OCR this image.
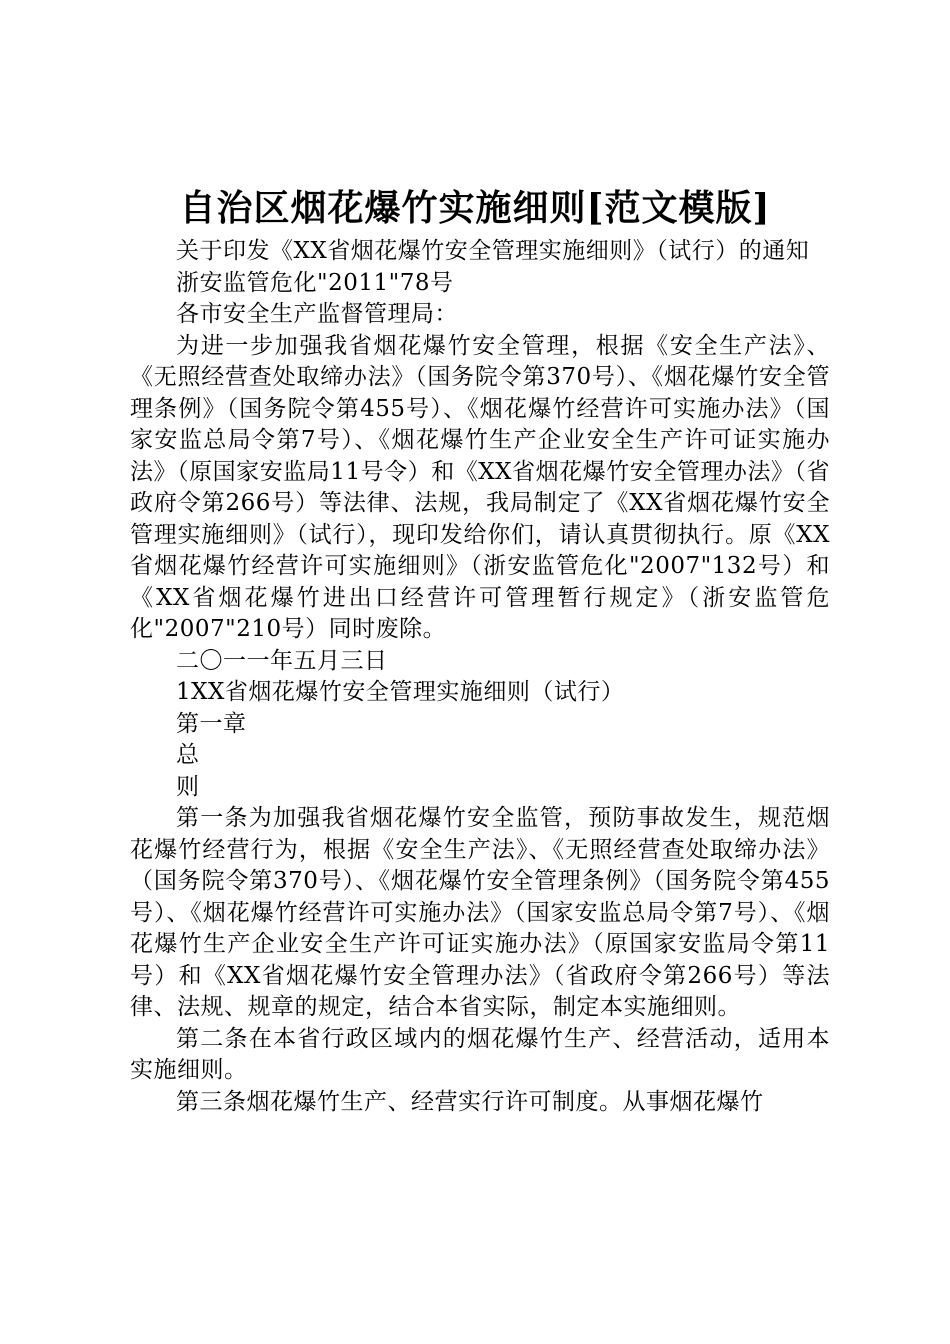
自治区烟花爆竹实施细则[范文模版]

关于印发《XX省烟花爆竹安全管理实施细则》（试行）的通知

浙安监管危化"2011"78号

各市安全生产监督管理局：

为进一步加强我省烟花爆竹安全管理，根据《安全生产法》、《无照经营查处取缔办法》（国务院令第370号）、《烟花爆竹安全管理条例》（国务院令第455号）、《烟花爆竹经营许可实施办法》（国家安监总局令第7号）、《烟花爆竹生产企业安全生产许可证实施办法》（原国家安监局11号令）和《XX省烟花爆竹安全管理办法》（省政府令第266号）等法律、法规，我局制定了《XX省烟花爆竹安全管理实施细则》（试行），现印发给你们，请认真贯彻执行。原《XX省烟花爆竹经营许可实施细则》（浙安监管危化"2007"132号）和《XX省烟花爆竹进出口经营许可管理暂行规定》（浙安监管危化"2007"210号）同时废除。

二〇一一年五月三日

1XX省烟花爆竹安全管理实施细则（试行）

第一章

总

则

第一条为加强我省烟花爆竹安全监管，预防事故发生，规范烟花爆竹经营行为，根据《安全生产法》、《无照经营查处取缔办法》（国务院令第370号）、《烟花爆竹安全管理条例》（国务院令第455号）、《烟花爆竹经营许可实施办法》（国家安监总局令第7号）、《烟花爆竹生产企业安全生产许可证实施办法》（原国家安监局令第11号）和《XX省烟花爆竹安全管理办法》（省政府令第266号）等法律、法规、规章的规定，结合本省实际，制定本实施细则。

第二条在本省行政区域内的烟花爆竹生产、经营活动，适用本实施细则。

第三条烟花爆竹生产、经营实行许可制度。从事烟花爆竹
